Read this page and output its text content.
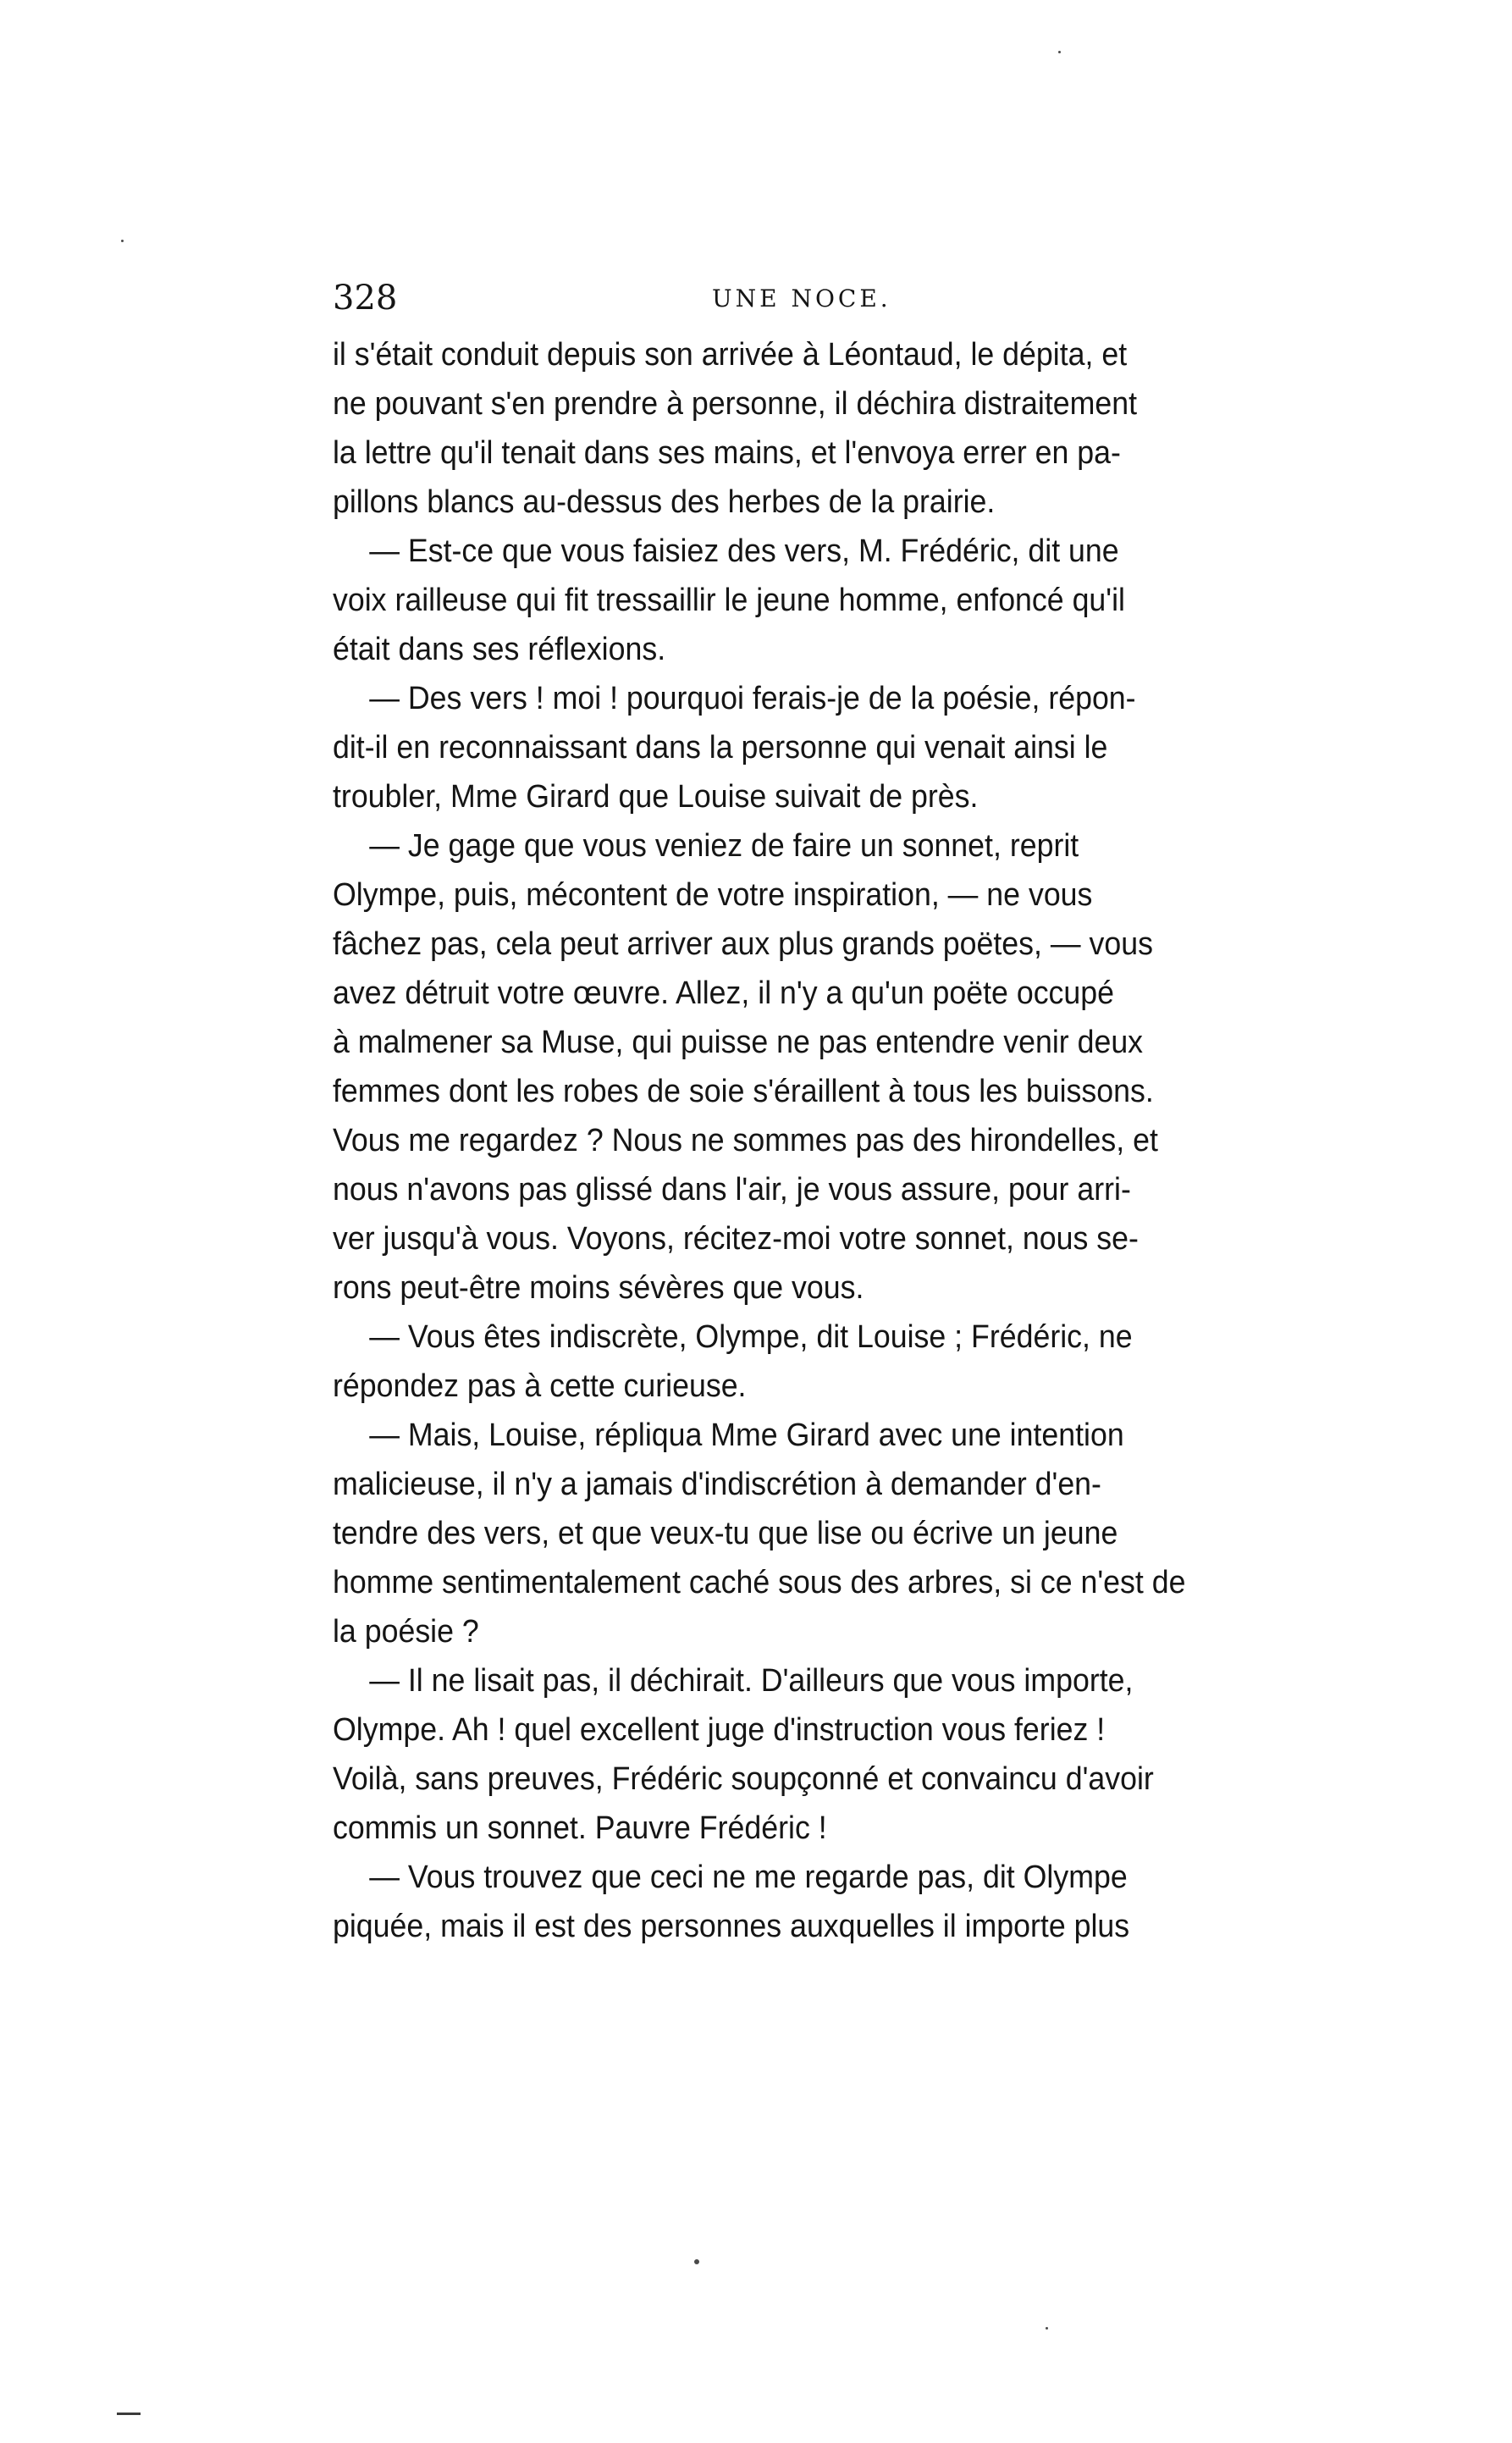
328	UNE NOCE.
il s'était conduit depuis son arrivée à Léontaud, le dépita, et
ne pouvant s'en prendre à personne, il déchira distraitement
la lettre qu'il tenait dans ses mains, et l'envoya errer en pa-
pillons blancs au-dessus des herbes de la prairie.
— Est-ce que vous faisiez des vers, M. Frédéric, dit une
voix railleuse qui fit tressaillir le jeune homme, enfoncé qu'il
était dans ses réflexions.
— Des vers ! moi ! pourquoi ferais-je de la poésie, répon-
dit-il en reconnaissant dans la personne qui venait ainsi le
troubler, Mme Girard que Louise suivait de près.
— Je gage que vous veniez de faire un sonnet, reprit
Olympe, puis, mécontent de votre inspiration, — ne vous
fâchez pas, cela peut arriver aux plus grands poëtes, — vous
avez détruit votre œuvre. Allez, il n'y a qu'un poëte occupé
à malmener sa Muse, qui puisse ne pas entendre venir deux
femmes dont les robes de soie s'éraillent à tous les buissons.
Vous me regardez ? Nous ne sommes pas des hirondelles, et
nous n'avons pas glissé dans l'air, je vous assure, pour arri-
ver jusqu'à vous. Voyons, récitez-moi votre sonnet, nous se-
rons peut-être moins sévères que vous.
— Vous êtes indiscrète, Olympe, dit Louise ; Frédéric, ne
répondez pas à cette curieuse.
— Mais, Louise, répliqua Mme Girard avec une intention
malicieuse, il n'y a jamais d'indiscrétion à demander d'en-
tendre des vers, et que veux-tu que lise ou écrive un jeune
homme sentimentalement caché sous des arbres, si ce n'est de
la poésie ?
— Il ne lisait pas, il déchirait. D'ailleurs que vous importe,
Olympe. Ah ! quel excellent juge d'instruction vous feriez !
Voilà, sans preuves, Frédéric soupçonné et convaincu d'avoir
commis un sonnet. Pauvre Frédéric !
— Vous trouvez que ceci ne me regarde pas, dit Olympe
piquée, mais il est des personnes auxquelles il importe plus
